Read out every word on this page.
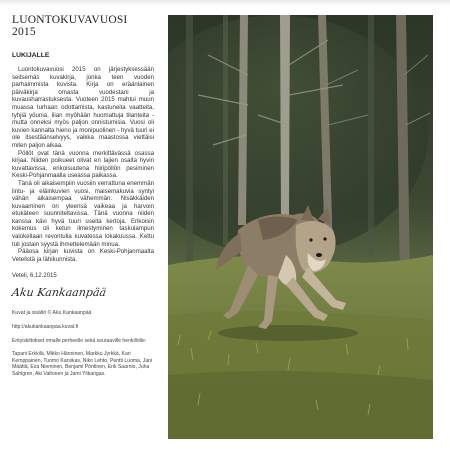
LUONTOKUVAVUOSI 2015
LUKIJALLE

Luontokuvavuosi 2015 on järjestyksessään seitsemäs kuvakirja, jonka teen vuoden parhaimmista kuvista. Kirja on eräänlainen päiväkirja omasta vuodestani ja kuvausharrastuksesta. Vuoteen 2015 mahtui muun muassa turhaan odottamista, kastuneita vaatteita, tyhjiä yöunia, liian myöhään huomattuja tilanteita - mutta onneksi myös paljon onnistumisia. Vuosi oli kuvien kannalta hieno ja monipuolinen - hyvä tuuri ei ole itsestäänselvyys, vaikka maastossa viettäisi miten paljon aikaa.

Pöllöt ovat tänä vuonna merkittävässä osassa kirjaa. Niiden poikueet olivat eri lajien osalta hyvin kuvattavissa, erikoisuutena hiiripöllön pesiminen Keski-Pohjanmaalla useassa paikassa.

Tänä oli aikaisempiin vuosiin verrattuna enemmän lintu- ja eläinkuvien vuosi, maisemakuvia syntyi vähän aikaisempaa vähemmän. Nisäkkäiden kuvaaminen on yleensä vaikeaa ja harvoin etukäteen suunniteltavissa. Tänä vuonna niiden kanssa kävi hyvä tuuri useita kertoja. Erikoisin kokemus oli ketun ilmestyminen taskulampun valokeilaan revontulia kuvatessa lokakuussa. Kettu tuli jostain syystä ihmettelemään minua.

Pääosa kirjan kuvista on Keski-Pohjanmaalta Vetelistä ja lähikunnista.

Veteli, 6.12.2015
Aku Kankaanpää
Kuvat ja sisältö © Aku Kankaanpää
http://akukankaanpaa.kuvat.fi
Erityiskiitokset omalle perheelle sekä seuraaville henkilöille:
Tapani Erkkilä, Mikko Hänninen, Markku Jyrkkä, Kari Kemppainen, Tuomo Karsikas, Niko Lehto, Pentti Luoma, Jani Määttä, Esa Nieminen, Benjami Pöntinen, Erik Saarnio, Juha Sahlgren, Aki Valtonen ja Jami Ylikangas.
